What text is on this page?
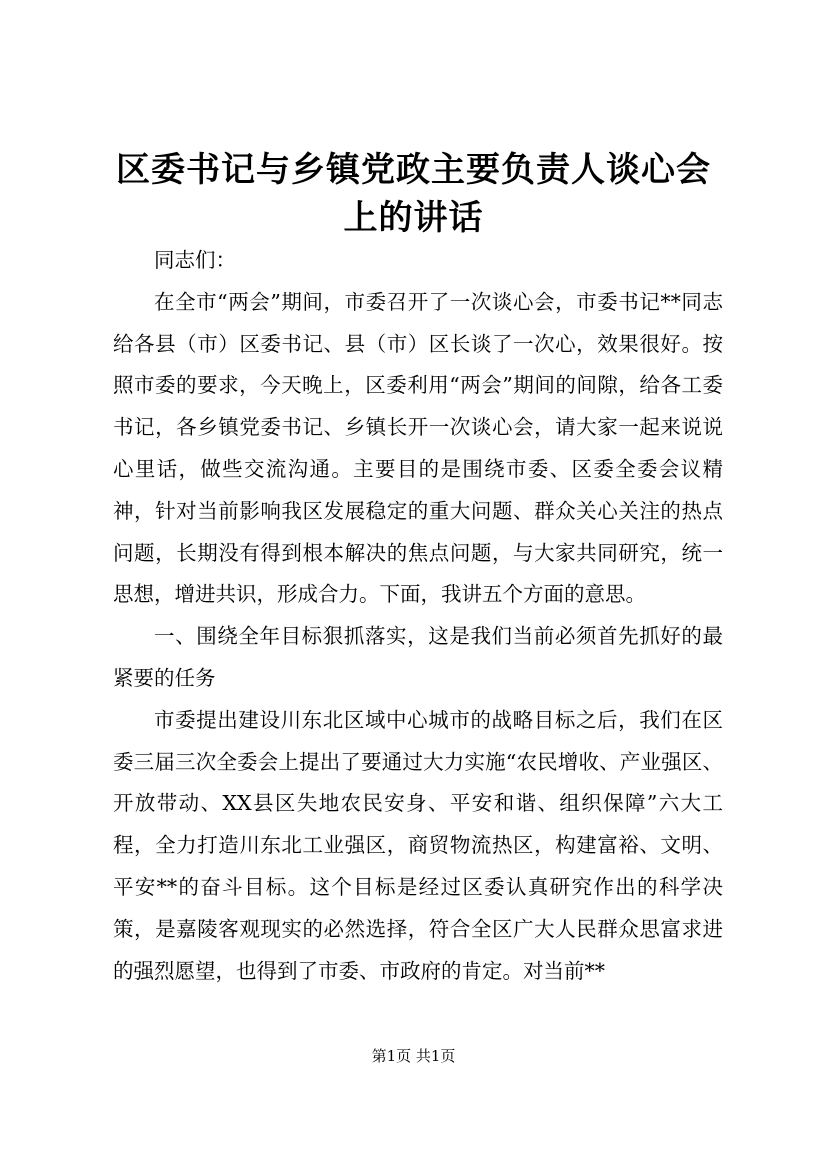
区委书记与乡镇党政主要负责人谈心会上的讲话

同志们：

在全市“两会”期间，市委召开了一次谈心会，市委书记**同志给各县（市）区委书记、县（市）区长谈了一次心，效果很好。按照市委的要求，今天晚上，区委利用“两会”期间的间隙，给各工委书记，各乡镇党委书记、乡镇长开一次谈心会，请大家一起来说说心里话，做些交流沟通。主要目的是围绕市委、区委全委会议精神，针对当前影响我区发展稳定的重大问题、群众关心关注的热点问题，长期没有得到根本解决的焦点问题，与大家共同研究，统一思想，增进共识，形成合力。下面，我讲五个方面的意思。

一、围绕全年目标狠抓落实，这是我们当前必须首先抓好的最紧要的任务

市委提出建设川东北区域中心城市的战略目标之后，我们在区委三届三次全委会上提出了要通过大力实施“农民增收、产业强区、开放带动、XX县区失地农民安身、平安和谐、组织保障”六大工程，全力打造川东北工业强区，商贸物流热区，构建富裕、文明、平安**的奋斗目标。这个目标是经过区委认真研究作出的科学决策，是嘉陵客观现实的必然选择，符合全区广大人民群众思富求进的强烈愿望，也得到了市委、市政府的肯定。对当前**

第1页 共1页
